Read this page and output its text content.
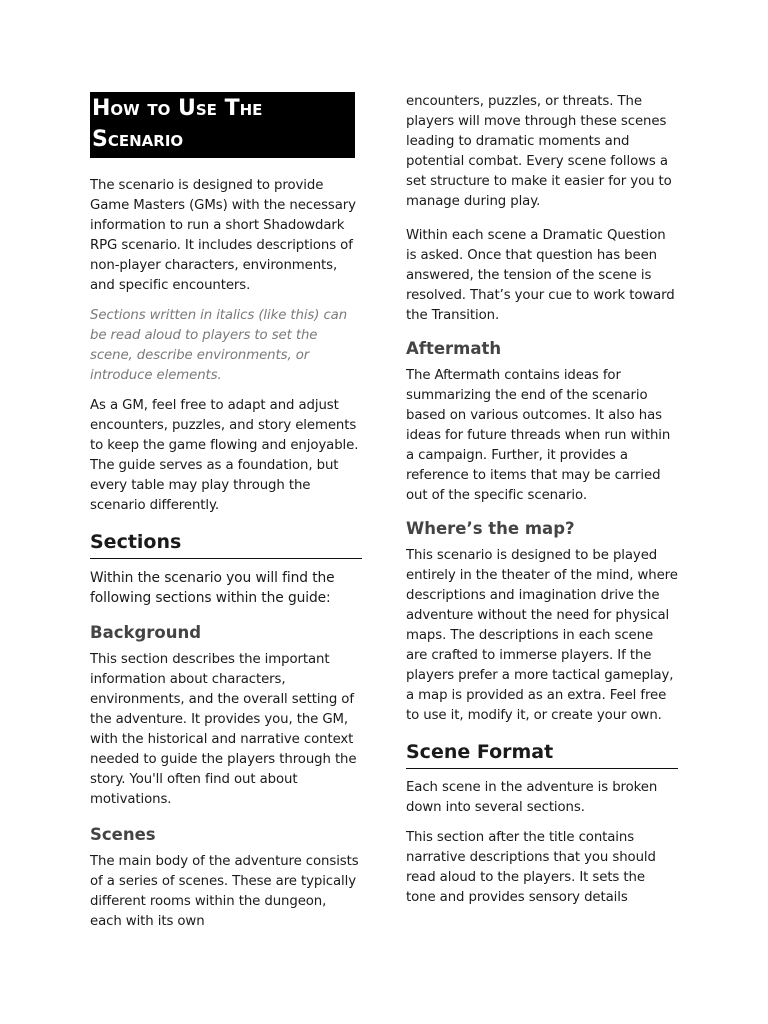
How to Use The Scenario

The scenario is designed to provide Game Masters (GMs) with the necessary information to run a short Shadowdark RPG scenario. It includes descriptions of non-player characters, environments, and specific encounters.

Sections written in italics (like this) can be read aloud to players to set the scene, describe environments, or introduce elements.

As a GM, feel free to adapt and adjust encounters, puzzles, and story elements to keep the game flowing and enjoyable. The guide serves as a foundation, but every table may play through the scenario differently.

Sections

Within the scenario you will find the following sections within the guide:

Background

This section describes the important information about characters, environments, and the overall setting of the adventure. It provides you, the GM, with the historical and narrative context needed to guide the players through the story. You'll often find out about motivations.

Scenes

The main body of the adventure consists of a series of scenes. These are typically different rooms within the dungeon, each with its own

encounters, puzzles, or threats. The players will move through these scenes leading to dramatic moments and potential combat. Every scene follows a set structure to make it easier for you to manage during play.

Within each scene a Dramatic Question is asked. Once that question has been answered, the tension of the scene is resolved. That’s your cue to work toward the Transition.

Aftermath

The Aftermath contains ideas for summarizing the end of the scenario based on various outcomes. It also has ideas for future threads when run within a campaign. Further, it provides a reference to items that may be carried out of the specific scenario.

Where’s the map?

This scenario is designed to be played entirely in the theater of the mind, where descriptions and imagination drive the adventure without the need for physical maps. The descriptions in each scene are crafted to immerse players. If the players prefer a more tactical gameplay, a map is provided as an extra. Feel free to use it, modify it, or create your own.

Scene Format

Each scene in the adventure is broken down into several sections.

This section after the title contains narrative descriptions that you should read aloud to the players. It sets the tone and provides sensory details
